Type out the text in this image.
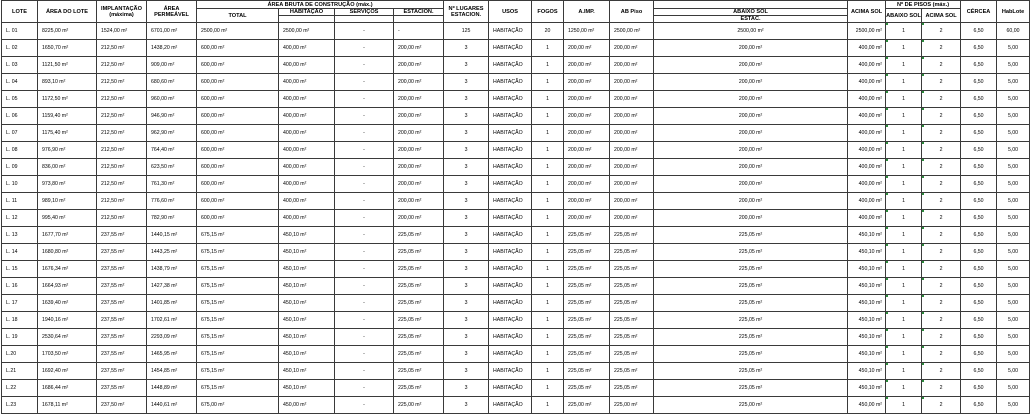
LOTE	ÁREA DO LOTE	IMPLANTAÇÃO (máxima)	ÁREA PERMEÁVEL	ÁREA BRUTA DE CONSTRUÇÃO (máx.)				Nº LUGARES ESTACION.	USOS	FOGOS	A.IMP.	AB Piso		ACIMA SOL	Nº DE PISOS (máx.)		CÉRCEA	HabLote
				TOTAL	HABITAÇÃO	SERVIÇOS	ESTACION.						ABAIXO SOL		ABAIXO SOL	ACIMA SOL		
													ESTAC.					
L. 01	8225,00 m²	1524,00 m²	6701,00 m²	2500,00 m²	2500,00 m²	-	-	125	HABITAÇÃO	20	1250,00 m²	2500,00 m²	2500,00 m²	2500,00 m²	1	2	6,50	60,00
L. 02	1650,70 m²	212,50 m²	1438,20 m²	600,00 m²	400,00 m²	-	200,00 m²	3	HABITAÇÃO	1	200,00 m²	200,00 m²	200,00 m²	400,00 m²	1	2	6,50	5,00
L. 03	1121,50 m²	212,50 m²	909,00 m²	600,00 m²	400,00 m²	-	200,00 m²	3	HABITAÇÃO	1	200,00 m²	200,00 m²	200,00 m²	400,00 m²	1	2	6,50	5,00
L. 04	893,10 m²	212,50 m²	680,60 m²	600,00 m²	400,00 m²	-	200,00 m²	3	HABITAÇÃO	1	200,00 m²	200,00 m²	200,00 m²	400,00 m²	1	2	6,50	5,00
L. 05	1172,50 m²	212,50 m²	960,00 m²	600,00 m²	400,00 m²	-	200,00 m²	3	HABITAÇÃO	1	200,00 m²	200,00 m²	200,00 m²	400,00 m²	1	2	6,50	5,00
L. 06	1159,40 m²	212,50 m²	946,90 m²	600,00 m²	400,00 m²	-	200,00 m²	3	HABITAÇÃO	1	200,00 m²	200,00 m²	200,00 m²	400,00 m²	1	2	6,50	5,00
L. 07	1175,40 m²	212,50 m²	962,90 m²	600,00 m²	400,00 m²	-	200,00 m²	3	HABITAÇÃO	1	200,00 m²	200,00 m²	200,00 m²	400,00 m²	1	2	6,50	5,00
L. 08	976,90 m²	212,50 m²	764,40 m²	600,00 m²	400,00 m²	-	200,00 m²	3	HABITAÇÃO	1	200,00 m²	200,00 m²	200,00 m²	400,00 m²	1	2	6,50	5,00
L. 09	836,00 m²	212,50 m²	623,50 m²	600,00 m²	400,00 m²	-	200,00 m²	3	HABITAÇÃO	1	200,00 m²	200,00 m²	200,00 m²	400,00 m²	1	2	6,50	5,00
L. 10	973,80 m²	212,50 m²	761,30 m²	600,00 m²	400,00 m²	-	200,00 m²	3	HABITAÇÃO	1	200,00 m²	200,00 m²	200,00 m²	400,00 m²	1	2	6,50	5,00
L. 11	989,10 m²	212,50 m²	776,60 m²	600,00 m²	400,00 m²	-	200,00 m²	3	HABITAÇÃO	1	200,00 m²	200,00 m²	200,00 m²	400,00 m²	1	2	6,50	5,00
L. 12	995,40 m²	212,50 m²	782,90 m²	600,00 m²	400,00 m²	-	200,00 m²	3	HABITAÇÃO	1	200,00 m²	200,00 m²	200,00 m²	400,00 m²	1	2	6,50	5,00
L. 13	1677,70 m²	237,55 m²	1440,15 m²	675,15 m²	450,10 m²	-	225,05 m²	3	HABITAÇÃO	1	225,05 m²	225,05 m²	225,05 m²	450,10 m²	1	2	6,50	5,00
L. 14	1680,80 m²	237,55 m²	1443,25 m²	675,15 m²	450,10 m²	-	225,05 m²	3	HABITAÇÃO	1	225,05 m²	225,05 m²	225,05 m²	450,10 m²	1	2	6,50	5,00
L. 15	1676,34 m²	237,55 m²	1438,79 m²	675,15 m²	450,10 m²	-	225,05 m²	3	HABITAÇÃO	1	225,05 m²	225,05 m²	225,05 m²	450,10 m²	1	2	6,50	5,00
L. 16	1664,93 m²	237,55 m²	1427,38 m²	675,15 m²	450,10 m²	-	225,05 m²	3	HABITAÇÃO	1	225,05 m²	225,05 m²	225,05 m²	450,10 m²	1	2	6,50	5,00
L. 17	1639,40 m²	237,55 m²	1401,85 m²	675,15 m²	450,10 m²	-	225,05 m²	3	HABITAÇÃO	1	225,05 m²	225,05 m²	225,05 m²	450,10 m²	1	2	6,50	5,00
L. 18	1940,16 m²	237,55 m²	1702,61 m²	675,15 m²	450,10 m²	-	225,05 m²	3	HABITAÇÃO	1	225,05 m²	225,05 m²	225,05 m²	450,10 m²	1	2	6,50	5,00
L. 19	2530,64 m²	237,55 m²	2293,09 m²	675,15 m²	450,10 m²	-	225,05 m²	3	HABITAÇÃO	1	225,05 m²	225,05 m²	225,05 m²	450,10 m²	1	2	6,50	5,00
L.20	1703,50 m²	237,55 m²	1465,95 m²	675,15 m²	450,10 m²	-	225,05 m²	3	HABITAÇÃO	1	225,05 m²	225,05 m²	225,05 m²	450,10 m²	1	2	6,50	5,00
L.21	1692,40 m²	237,55 m²	1454,85 m²	675,15 m²	450,10 m²	-	225,05 m²	3	HABITAÇÃO	1	225,05 m²	225,05 m²	225,05 m²	450,10 m²	1	2	6,50	5,00
L.22	1686,44 m²	237,55 m²	1448,89 m²	675,15 m²	450,10 m²	-	225,05 m²	3	HABITAÇÃO	1	225,05 m²	225,05 m²	225,05 m²	450,10 m²	1	2	6,50	5,00
L.23	1678,11 m²	237,50 m²	1440,61 m²	675,00 m²	450,00 m²	-	225,00 m²	3	HABITAÇÃO	1	225,00 m²	225,00 m²	225,00 m²	450,00 m²	1	2	6,50	5,00
